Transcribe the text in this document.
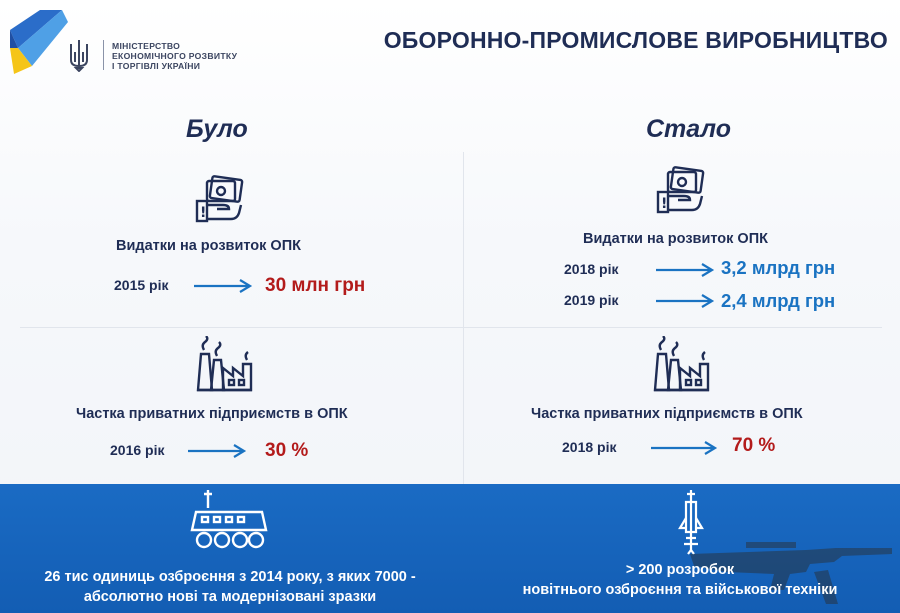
МІНІСТЕРСТВО
ЕКОНОМІЧНОГО РОЗВИТКУ
І ТОРГІВЛІ УКРАЇНИ
ОБОРОННО-ПРОМИСЛОВЕ ВИРОБНИЦТВО
Було	Стало
!
!
Видатки на розвиток ОПК	Видатки на розвиток ОПК
2015 рік	30 млн грн
2018 рік	3,2 млрд грн
2019 рік	2,4 млрд грн
Частка приватних підприємств в ОПК	Частка приватних підприємств в ОПК
2016 рік	30 %	2018 рік	70 %
26 тис одиниць озброєння з 2014 року, з яких 7000 -
абсолютно нові та модернізовані зразки
> 200 розробок
новітнього озброєння та військової техніки
